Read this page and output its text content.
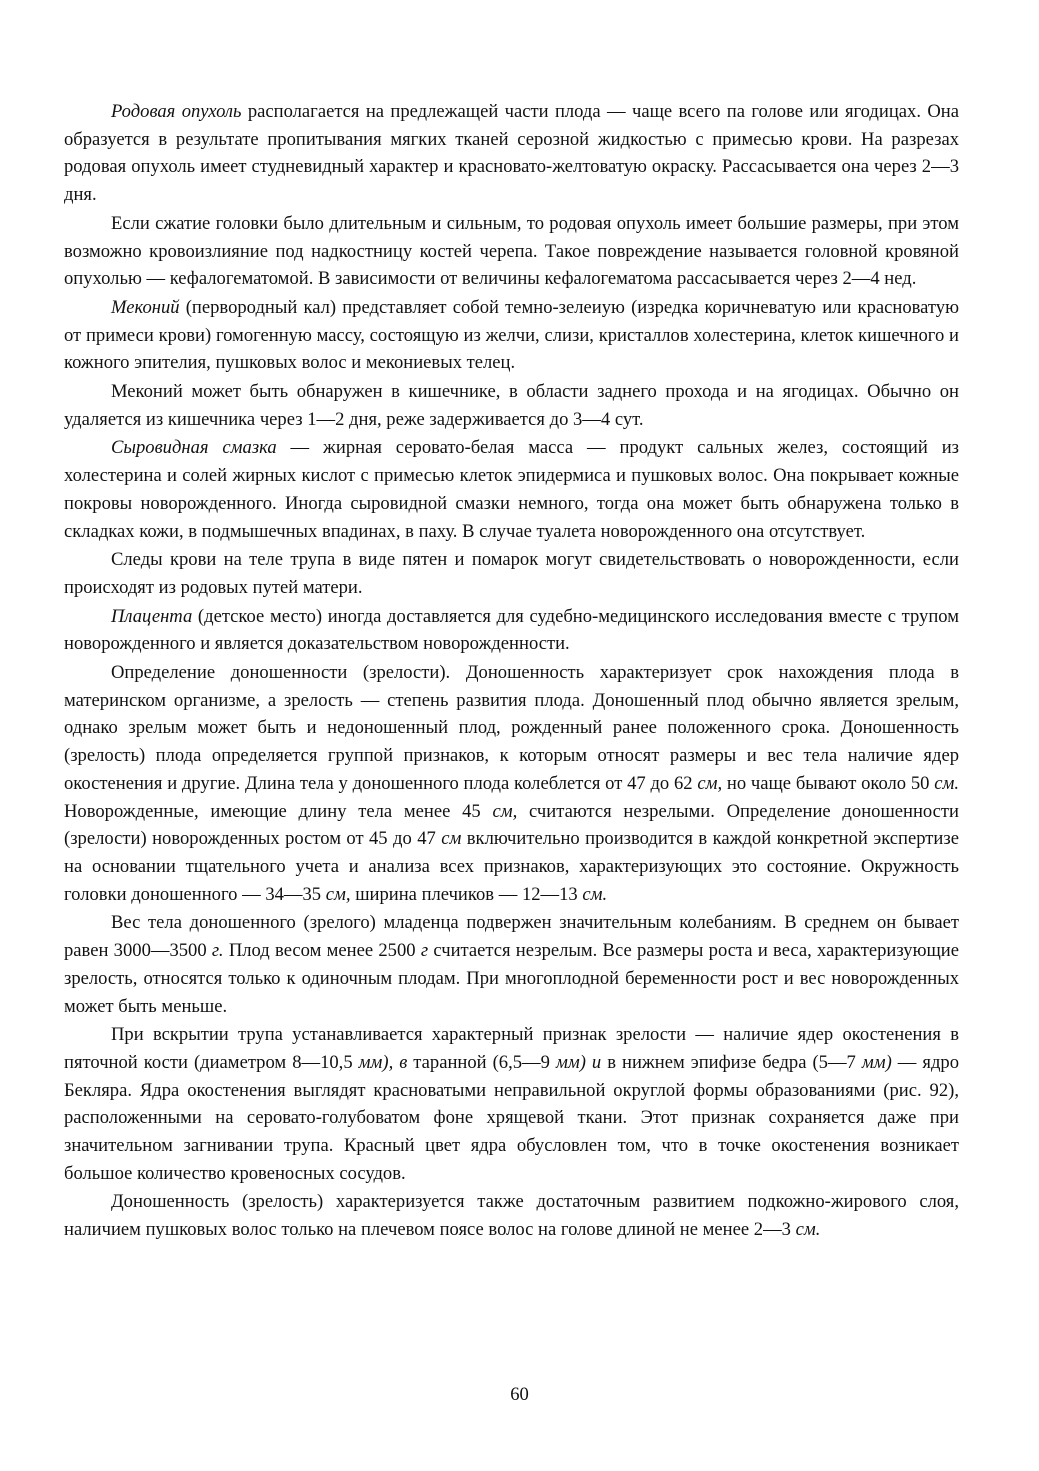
Родовая опухоль располагается на предлежащей части плода — чаще всего па голове или ягодицах. Она образуется в результате пропитывания мягких тканей серозной жидкостью с примесью крови. На разрезах родовая опухоль имеет студневидный характер и красновато-желтоватую окраску. Рассасывается она через 2—3 дня.

Если сжатие головки было длительным и сильным, то родовая опухоль имеет большие размеры, при этом возможно кровоизлияние под надкостницу костей черепа. Такое повреждение называется головной кровяной опухолью — кефалогематомой. В зависимости от величины кефалогематома рассасывается через 2—4 нед.

Меконий (первородный кал) представляет собой темно-зелеиую (изредка коричневатую или красноватую от примеси крови) гомогенную массу, состоящую из желчи, слизи, кристаллов холестерина, клеток кишечного и кожного эпителия, пушковых волос и мекониевых телец.

Меконий может быть обнаружен в кишечнике, в области заднего прохода и на ягодицах. Обычно он удаляется из кишечника через 1—2 дня, реже задерживается до 3—4 сут.

Сыровидная смазка — жирная серовато-белая масса — продукт сальных желез, состоящий из холестерина и солей жирных кислот с примесью клеток эпидермиса и пушковых волос. Она покрывает кожные покровы новорожденного. Иногда сыровидной смазки немного, тогда она может быть обнаружена только в складках кожи, в подмышечных впадинах, в паху. В случае туалета новорожденного она отсутствует.

Следы крови на теле трупа в виде пятен и помарок могут свидетельствовать о новорожденности, если происходят из родовых путей матери.

Плацента (детское место) иногда доставляется для судебно-медицинского исследования вместе с трупом новорожденного и является доказательством новорожденности.

Определение доношенности (зрелости). Доношенность характеризует срок нахождения плода в материнском организме, а зрелость — степень развития плода. Доношенный плод обычно является зрелым, однако зрелым может быть и недоношенный плод, рожденный ранее положенного срока. Доношенность (зрелость) плода определяется группой признаков, к которым относят размеры и вес тела наличие ядер окостенения и другие. Длина тела у доношенного плода колеблется от 47 до 62 см, но чаще бывают около 50 см. Новорожденные, имеющие длину тела менее 45 см, считаются незрелыми. Определение доношенности (зрелости) новорожденных ростом от 45 до 47 см включительно производится в каждой конкретной экспертизе на основании тщательного учета и анализа всех признаков, характеризующих это состояние. Окружность головки доношенного — 34—35 см, ширина плечиков — 12—13 см.

Вес тела доношенного (зрелого) младенца подвержен значительным колебаниям. В среднем он бывает равен 3000—3500 г. Плод весом менее 2500 г считается незрелым. Все размеры роста и веса, характеризующие зрелость, относятся только к одиночным плодам. При многоплодной беременности рост и вес новорожденных может быть меньше.

При вскрытии трупа устанавливается характерный признак зрелости — наличие ядер окостенения в пяточной кости (диаметром 8—10,5 мм), в таранной (6,5—9 мм) и в нижнем эпифизе бедра (5—7 мм) — ядро Бекляра. Ядра окостенения выглядят красноватыми неправильной округлой формы образованиями (рис. 92), расположенными на серовато-голубоватом фоне хрящевой ткани. Этот признак сохраняется даже при значительном загнивании трупа. Красный цвет ядра обусловлен том, что в точке окостенения возникает большое количество кровеносных сосудов.

Доношенность (зрелость) характеризуется также достаточным развитием подкожно-жирового слоя, наличием пушковых волос только на плечевом поясе волос на голове длиной не менее 2—3 см.

60
